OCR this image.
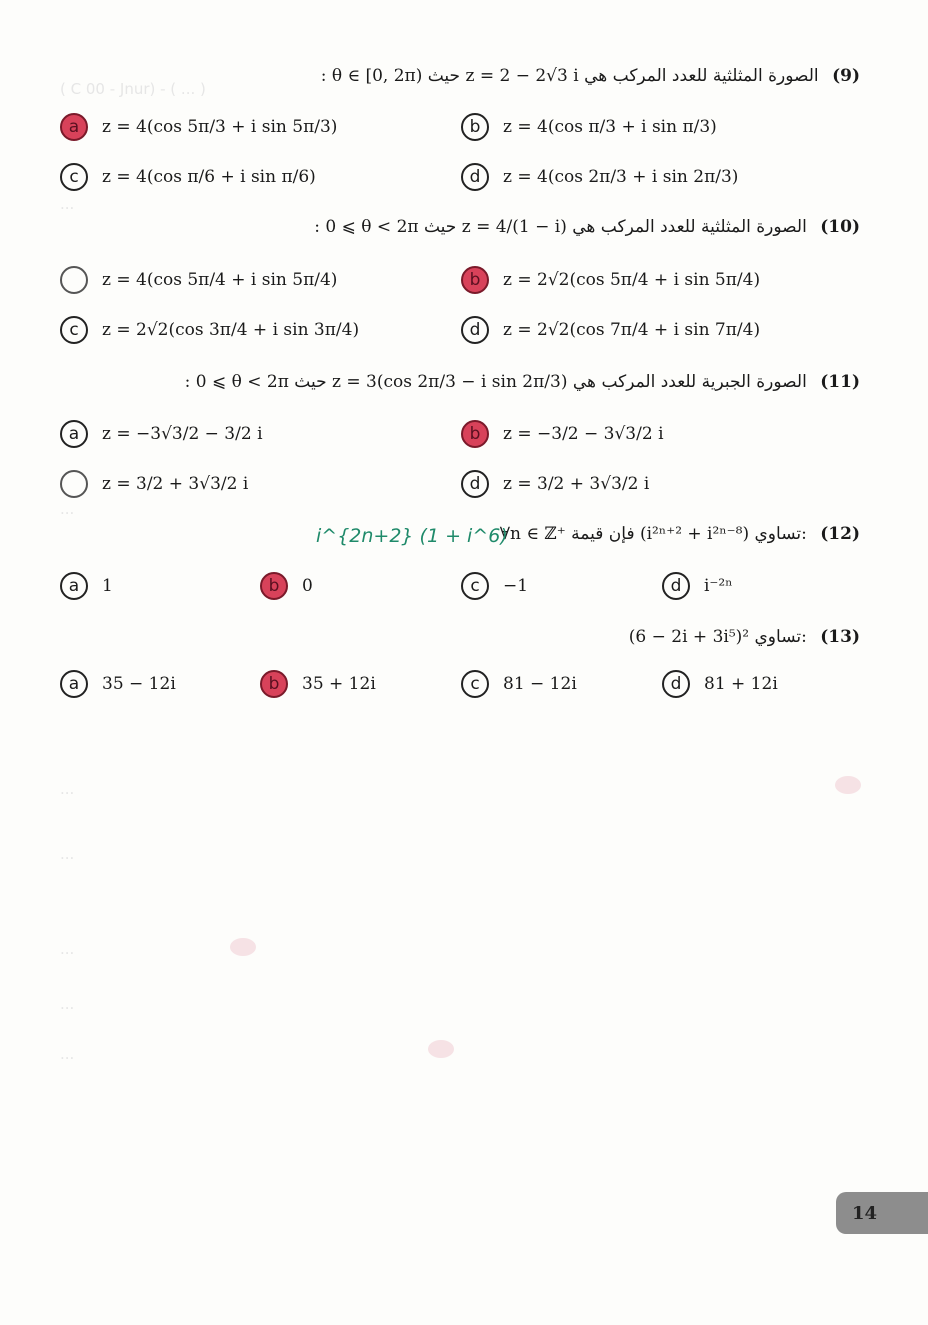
( C 00 - Jnur) - ( ... )
...
...
...
...
...
...
...
(9) الصورة المثلثية للعدد المركب : θ ∈ [0, 2π) حيث z = 2 − 2√3 i هي
a	z = 4(cos 5π/3 + i sin 5π/3)	b	z = 4(cos π/3 + i sin π/3)
c	z = 4(cos π/6 + i sin π/6)	d	z = 4(cos 2π/3 + i sin 2π/3)
(10) الصورة المثلثية للعدد المركب : 0 ⩽ θ < 2π حيث z = 4/(1 − i) هي
z = 4(cos 5π/4 + i sin 5π/4)	b	z = 2√2(cos 5π/4 + i sin 5π/4)
c	z = 2√2(cos 3π/4 + i sin 3π/4)	d	z = 2√2(cos 7π/4 + i sin 7π/4)
(11) الصورة الجبرية للعدد المركب : 0 ⩽ θ < 2π حيث z = 3(cos 2π/3 − i sin 2π/3) هي
a	z = −3√3/2 − 3/2 i	b	z = −3/2 − 3√3/2 i
z = 3/2 + 3√3/2 i	d	z = 3/2 + 3√3/2 i
(12) ∀n ∈ ℤ⁺ فإن قيمة (i²ⁿ⁺² + i²ⁿ⁻⁸) تساوي:
i^{2n+2} (1 + i^6)
a	1	b	0	c	−1	d	i⁻²ⁿ
(13) (6 − 2i + 3i⁵)² تساوي:
a	35 − 12i	b	35 + 12i	c	81 − 12i	d	81 + 12i
14
